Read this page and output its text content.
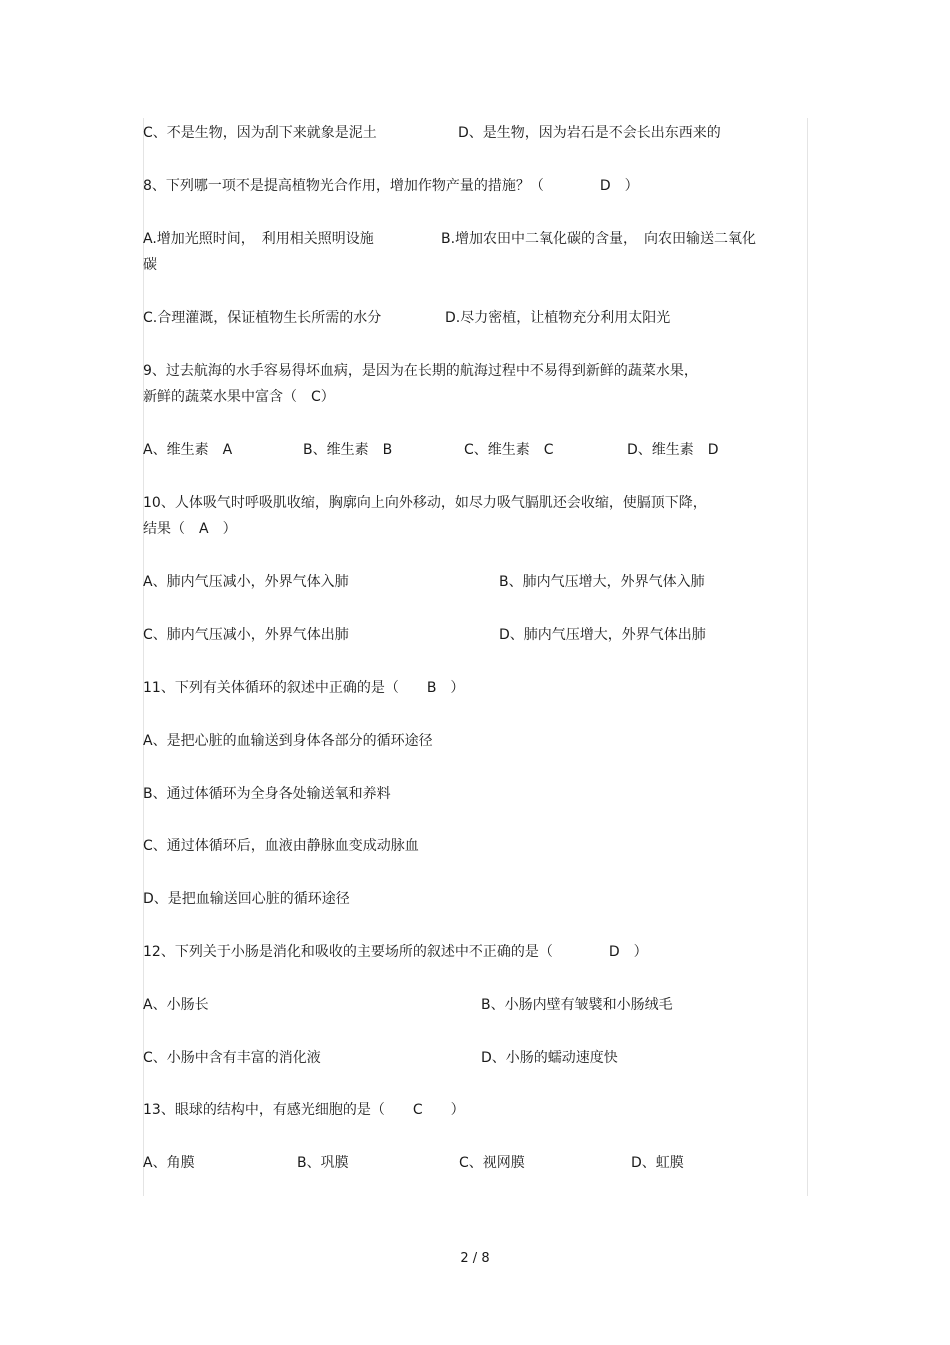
C、不是生物，因为刮下来就象是泥土	D、是生物，因为岩石是不会长出东西来的
8、下列哪一项不是提高植物光合作用，增加作物产量的措施？（　　　　D　）
A.增加光照时间，　利用相关照明设施	B.增加农田中二氧化碳的含量，　向农田输送二氧化
碳
C.合理灌溉，保证植物生长所需的水分	D.尽力密植，让植物充分利用太阳光
9、过去航海的水手容易得坏血病，是因为在长期的航海过程中不易得到新鲜的蔬菜水果，
新鲜的蔬菜水果中富含（　C）
A、维生素　A	B、维生素　B	C、维生素　C	D、维生素　D
10、人体吸气时呼吸肌收缩，胸廓向上向外移动，如尽力吸气膈肌还会收缩，使膈顶下降，
结果（　A　）
A、肺内气压减小，外界气体入肺	B、肺内气压增大，外界气体入肺
C、肺内气压减小，外界气体出肺	D、肺内气压增大，外界气体出肺
11、下列有关体循环的叙述中正确的是（　　B　）
A、是把心脏的血输送到身体各部分的循环途径
B、通过体循环为全身各处输送氧和养料
C、通过体循环后，血液由静脉血变成动脉血
D、是把血输送回心脏的循环途径
12、下列关于小肠是消化和吸收的主要场所的叙述中不正确的是（　　　　D　）
A、小肠长	B、小肠内壁有皱襞和小肠绒毛
C、小肠中含有丰富的消化液	D、小肠的蠕动速度快
13、眼球的结构中，有感光细胞的是（　　C　　）
A、角膜	B、巩膜	C、视网膜	D、虹膜
2 / 8
